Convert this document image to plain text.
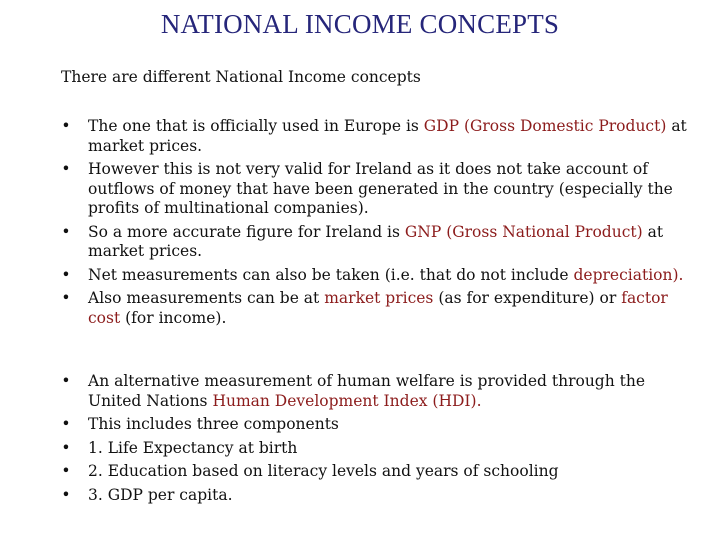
NATIONAL INCOME CONCEPTS
There are different National Income concepts
• The one that is officially used in Europe is GDP (Gross Domestic Product) at market prices.
• However this is not very valid for Ireland as it does not take account of outflows of money that have been generated in the country (especially the profits of multinational companies).
• So a more accurate figure for Ireland is GNP (Gross National Product) at market prices.
• Net measurements can also be taken (i.e. that do not include depreciation).
• Also measurements can be at market prices (as for expenditure) or factor cost (for income).
• An alternative measurement of human welfare is provided through the United Nations Human Development Index (HDI).
• This includes three components
• 1. Life Expectancy at birth
• 2. Education based on literacy levels and years of schooling
• 3. GDP per capita.
